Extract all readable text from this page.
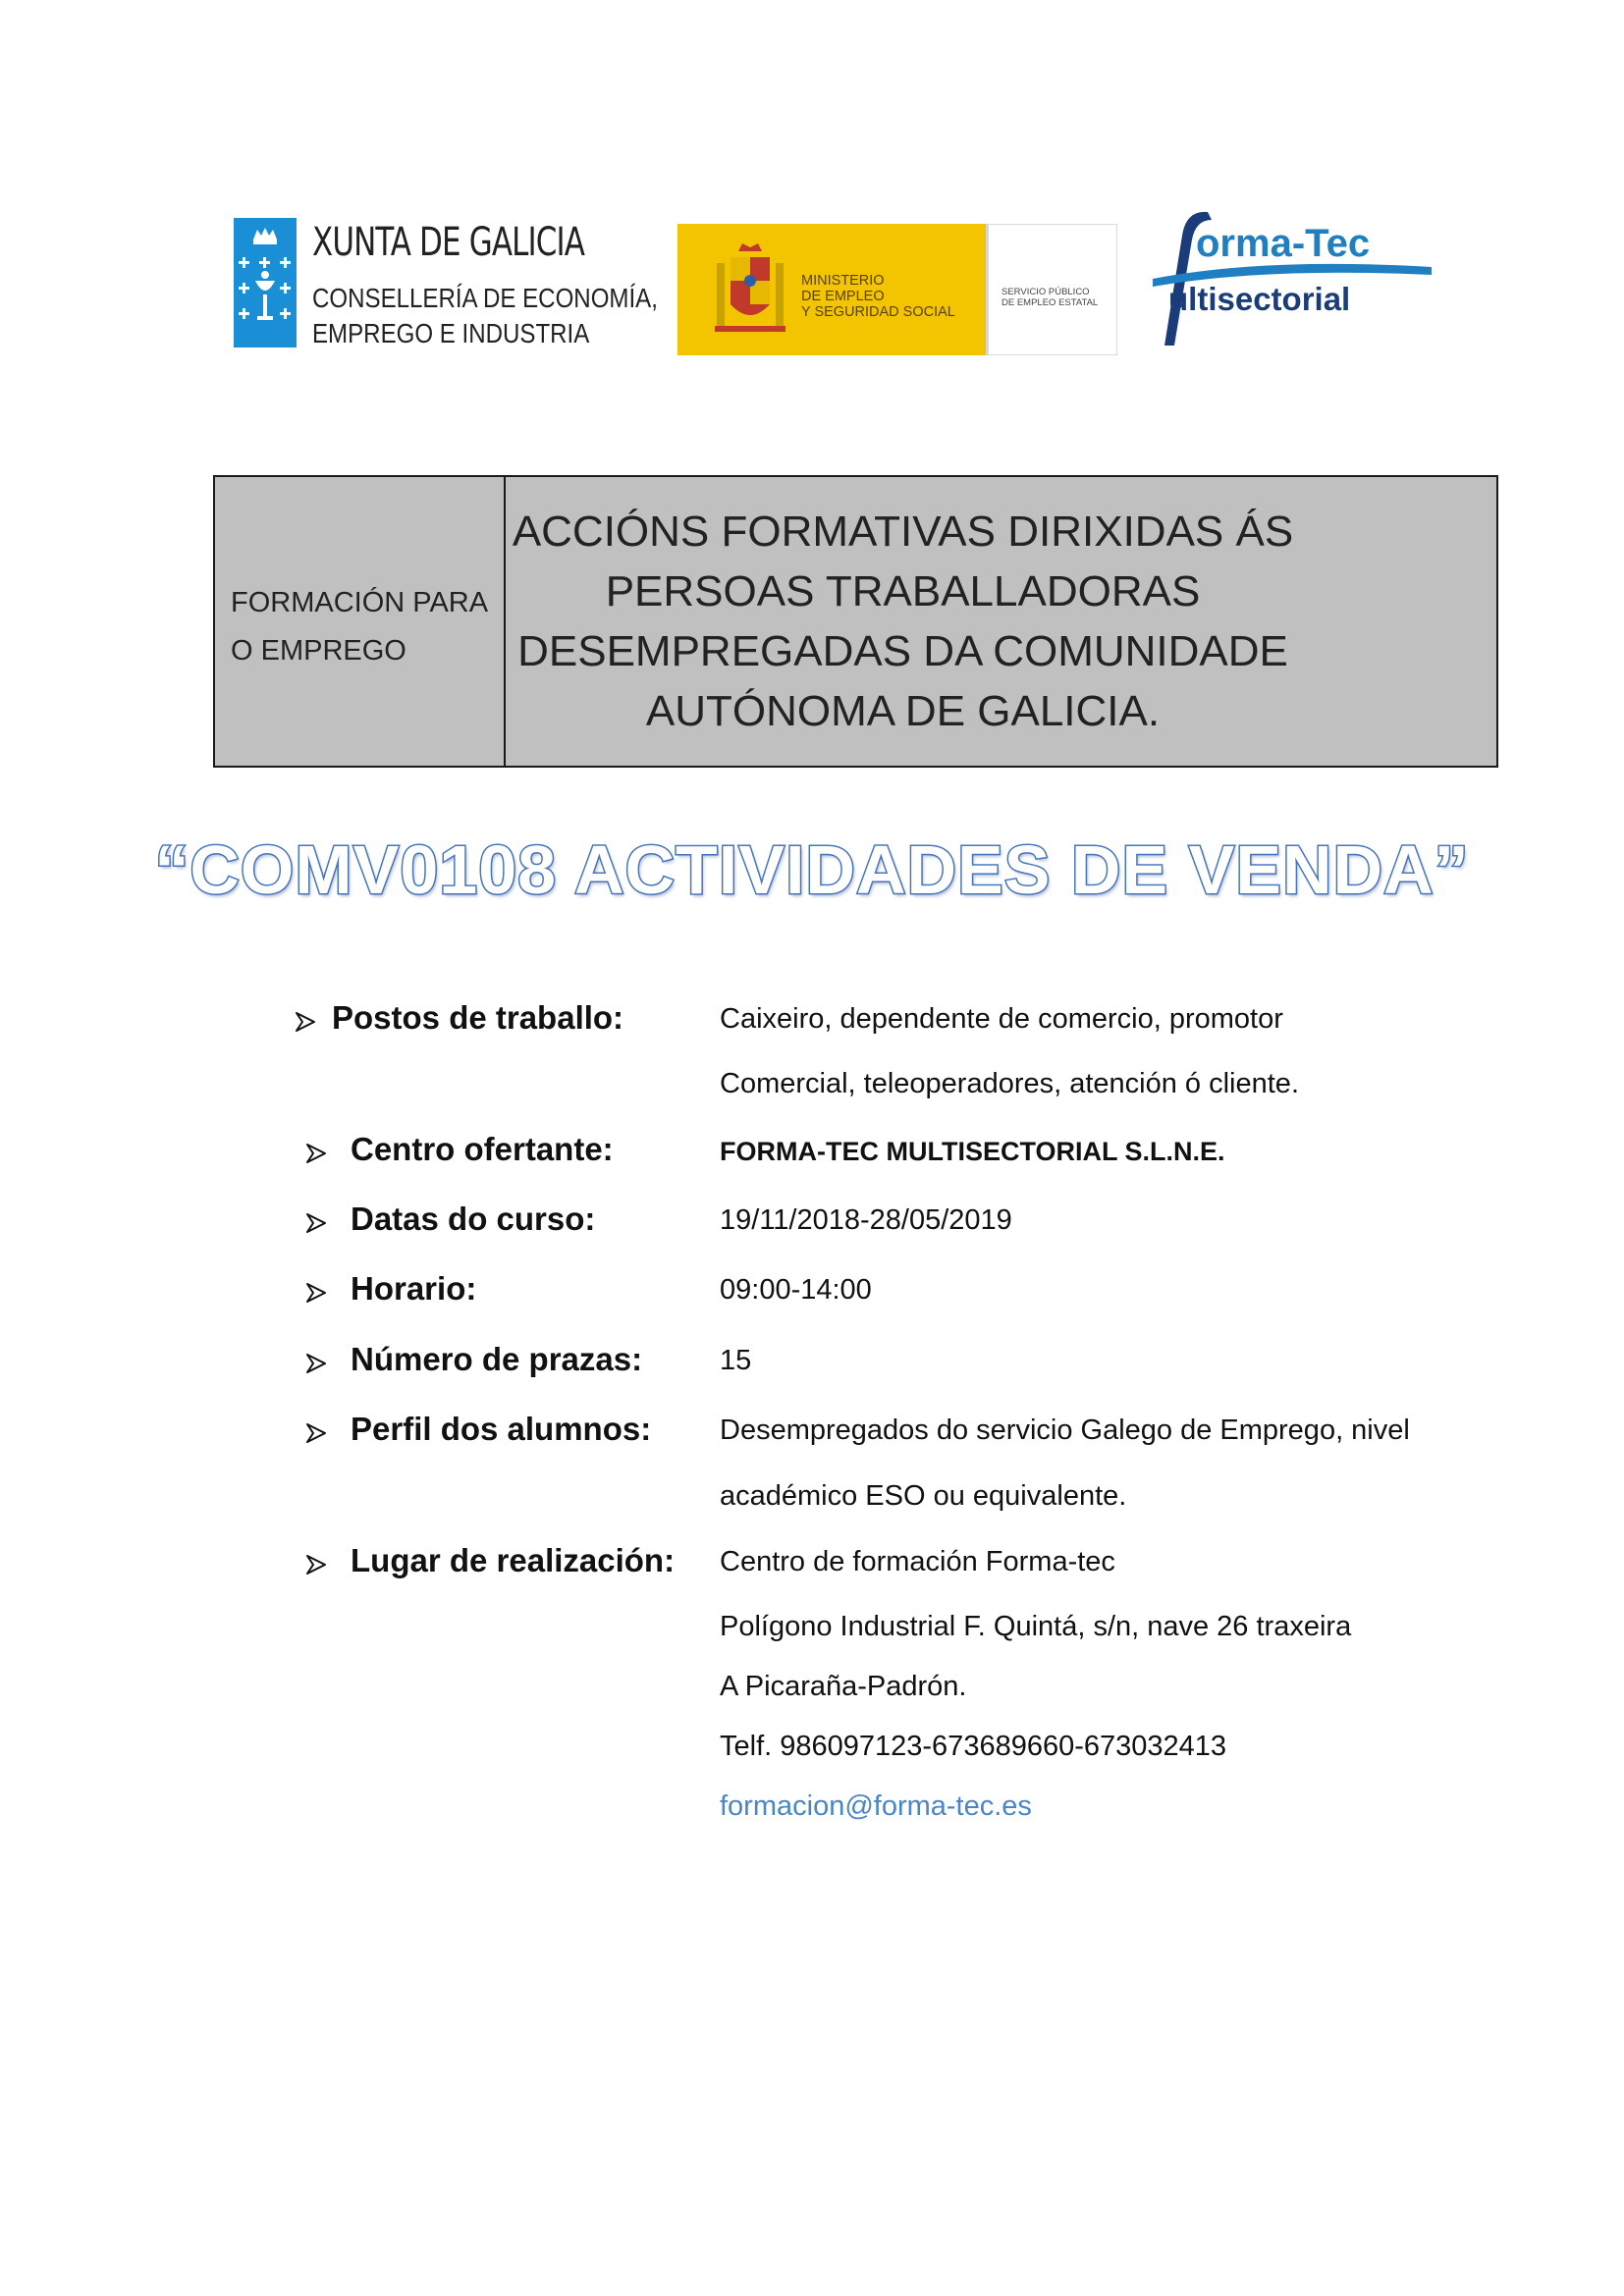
XUNTA DE GALICIA
CONSELLERÍA DE ECONOMÍA,
EMPREGO E INDUSTRIA
MINISTERIO
DE EMPLEO
Y SEGURIDAD SOCIAL
SERVICIO PÚBLICO
DE EMPLEO ESTATAL
orma-Tec
ultisectorial
FORMACIÓN PARA
O EMPREGO
ACCIÓNS FORMATIVAS DIRIXIDAS ÁS
PERSOAS TRABALLADORAS
DESEMPREGADAS DA COMUNIDADE
AUTÓNOMA DE GALICIA.
“COMV0108 ACTIVIDADES DE VENDA”
Postos de traballo:	Caixeiro, dependente de comercio, promotor
Comercial, teleoperadores, atención ó cliente.
Centro ofertante:	FORMA-TEC MULTISECTORIAL S.L.N.E.
Datas do curso:	19/11/2018-28/05/2019
Horario:	09:00-14:00
Número de prazas:	15
Perfil dos alumnos: Desempregados do servicio Galego de Emprego, nivel
académico ESO ou equivalente.
Lugar de realización: Centro de formación Forma-tec
Polígono Industrial F. Quintá, s/n, nave 26 traxeira
A Picaraña-Padrón.
Telf. 986097123-673689660-673032413
formacion@forma-tec.es
